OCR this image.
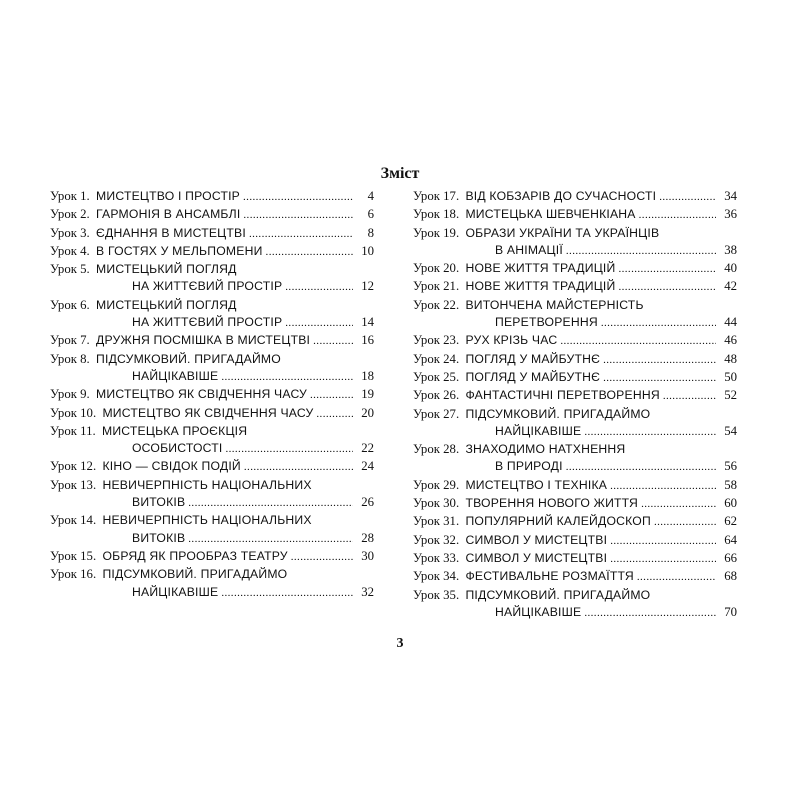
Зміст
Урок 1.  МИСТЕЦТВО І ПРОСТІР .....	4
Урок 2.  ГАРМОНІЯ В АНСАМБЛІ .....	6
Урок 3.  ЄДНАННЯ В МИСТЕЦТВІ .....	8
Урок 4.  В ГОСТЯХ У МЕЛЬПОМЕНИ .....	10
Урок 5.  МИСТЕЦЬКИЙ ПОГЛЯД
НА ЖИТТЄВИЙ ПРОСТІР .....	12
Урок 6.  МИСТЕЦЬКИЙ ПОГЛЯД
НА ЖИТТЄВИЙ ПРОСТІР .....	14
Урок 7.  ДРУЖНЯ ПОСМІШКА В МИСТЕЦТВІ .....	16
Урок 8.  ПІДСУМКОВИЙ. ПРИГАДАЙМО
НАЙЦІКАВІШЕ .....	18
Урок 9.  МИСТЕЦТВО ЯК СВІДЧЕННЯ ЧАСУ .....	19
Урок 10.  МИСТЕЦТВО ЯК СВІДЧЕННЯ ЧАСУ .....	20
Урок 11.  МИСТЕЦЬКА ПРОЄКЦІЯ
ОСОБИСТОСТІ .....	22
Урок 12.  КІНО — СВІДОК ПОДІЙ .....	24
Урок 13.  НЕВИЧЕРПНІСТЬ НАЦІОНАЛЬНИХ
ВИТОКІВ .....	26
Урок 14.  НЕВИЧЕРПНІСТЬ НАЦІОНАЛЬНИХ
ВИТОКІВ .....	28
Урок 15.  ОБРЯД ЯК ПРООБРАЗ ТЕАТРУ .....	30
Урок 16.  ПІДСУМКОВИЙ. ПРИГАДАЙМО
НАЙЦІКАВІШЕ .....	32
Урок 17.  ВІД КОБЗАРІВ ДО СУЧАСНОСТІ .....	34
Урок 18.  МИСТЕЦЬКА ШЕВЧЕНКІАНА .....	36
Урок 19.  ОБРАЗИ УКРАЇНИ ТА УКРАЇНЦІВ
В АНІМАЦІЇ .....	38
Урок 20.  НОВЕ ЖИТТЯ ТРАДИЦІЙ .....	40
Урок 21.  НОВЕ ЖИТТЯ ТРАДИЦІЙ .....	42
Урок 22.  ВИТОНЧЕНА МАЙСТЕРНІСТЬ
ПЕРЕТВОРЕННЯ .....	44
Урок 23.  РУХ КРІЗЬ ЧАС .....	46
Урок 24.  ПОГЛЯД У МАЙБУТНЄ .....	48
Урок 25.  ПОГЛЯД У МАЙБУТНЄ .....	50
Урок 26.  ФАНТАСТИЧНІ ПЕРЕТВОРЕННЯ .....	52
Урок 27.  ПІДСУМКОВИЙ. ПРИГАДАЙМО
НАЙЦІКАВІШЕ .....	54
Урок 28.  ЗНАХОДИМО НАТХНЕННЯ
В ПРИРОДІ .....	56
Урок 29.  МИСТЕЦТВО І ТЕХНІКА .....	58
Урок 30.  ТВОРЕННЯ НОВОГО ЖИТТЯ .....	60
Урок 31.  ПОПУЛЯРНИЙ КАЛЕЙДОСКОП .....	62
Урок 32.  СИМВОЛ У МИСТЕЦТВІ .....	64
Урок 33.  СИМВОЛ У МИСТЕЦТВІ .....	66
Урок 34.  ФЕСТИВАЛЬНЕ РОЗМАЇТТЯ .....	68
Урок 35.  ПІДСУМКОВИЙ. ПРИГАДАЙМО
НАЙЦІКАВІШЕ .....	70
3
